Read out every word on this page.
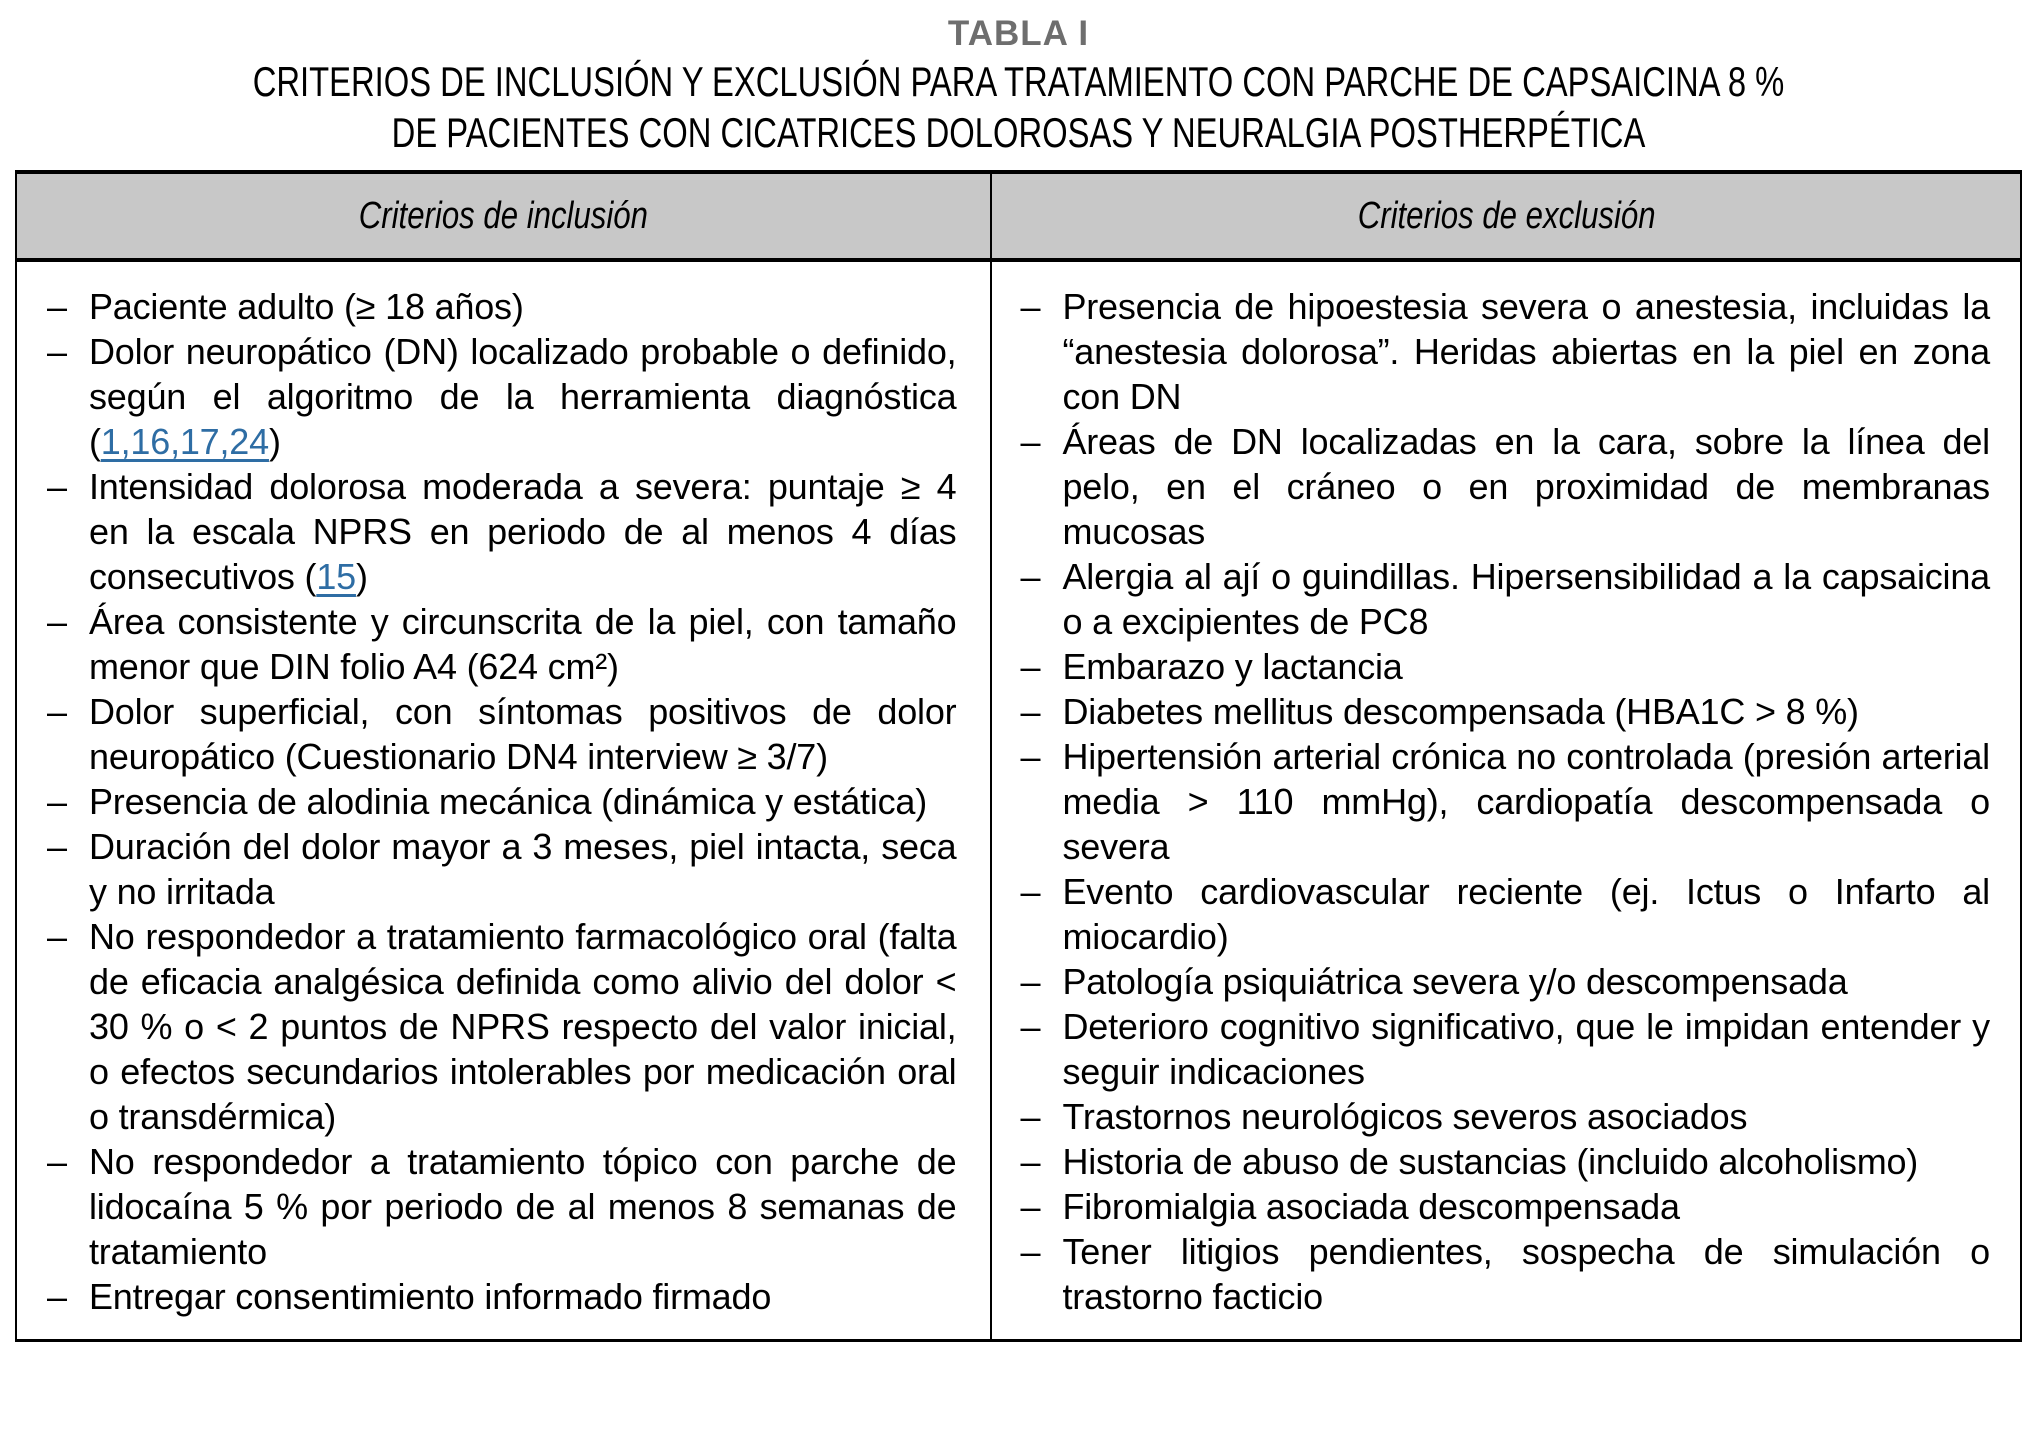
TABLA I
CRITERIOS DE INCLUSIÓN Y EXCLUSIÓN PARA TRATAMIENTO CON PARCHE DE CAPSAICINA 8 %
DE PACIENTES CON CICATRICES DOLOROSAS Y NEURALGIA POSTHERPÉTICA
Criterios de inclusión	Criterios de exclusión
– Paciente adulto (≥ 18 años)
– Dolor neuropático (DN) localizado probable o definido, según el algoritmo de la herramienta diagnóstica (1,16,17,24)
– Intensidad dolorosa moderada a severa: puntaje ≥ 4 en la escala NPRS en periodo de al menos 4 días consecutivos (15)
– Área consistente y circunscrita de la piel, con tamaño menor que DIN folio A4 (624 cm²)
– Dolor superficial, con síntomas positivos de dolor neuropático (Cuestionario DN4 interview ≥ 3/7)
– Presencia de alodinia mecánica (dinámica y estática)
– Duración del dolor mayor a 3 meses, piel intacta, seca y no irritada
– No respondedor a tratamiento farmacológico oral (falta de eficacia analgésica definida como alivio del dolor < 30 % o < 2 puntos de NPRS respecto del valor inicial, o efectos secundarios intolerables por medicación oral o transdérmica)
– No respondedor a tratamiento tópico con parche de lidocaína 5 % por periodo de al menos 8 semanas de tratamiento
– Entregar consentimiento informado firmado
– Presencia de hipoestesia severa o anestesia, incluidas la “anestesia dolorosa”. Heridas abiertas en la piel en zona con DN
– Áreas de DN localizadas en la cara, sobre la línea del pelo, en el cráneo o en proximidad de membranas mucosas
– Alergia al ají o guindillas. Hipersensibilidad a la capsaicina o a excipientes de PC8
– Embarazo y lactancia
– Diabetes mellitus descompensada (HBA1C > 8 %)
– Hipertensión arterial crónica no controlada (presión arterial media > 110 mmHg), cardiopatía descompensada o severa
– Evento cardiovascular reciente (ej. Ictus o Infarto al miocardio)
– Patología psiquiátrica severa y/o descompensada
– Deterioro cognitivo significativo, que le impidan entender y seguir indicaciones
– Trastornos neurológicos severos asociados
– Historia de abuso de sustancias (incluido alcoholismo)
– Fibromialgia asociada descompensada
– Tener litigios pendientes, sospecha de simulación o trastorno facticio
